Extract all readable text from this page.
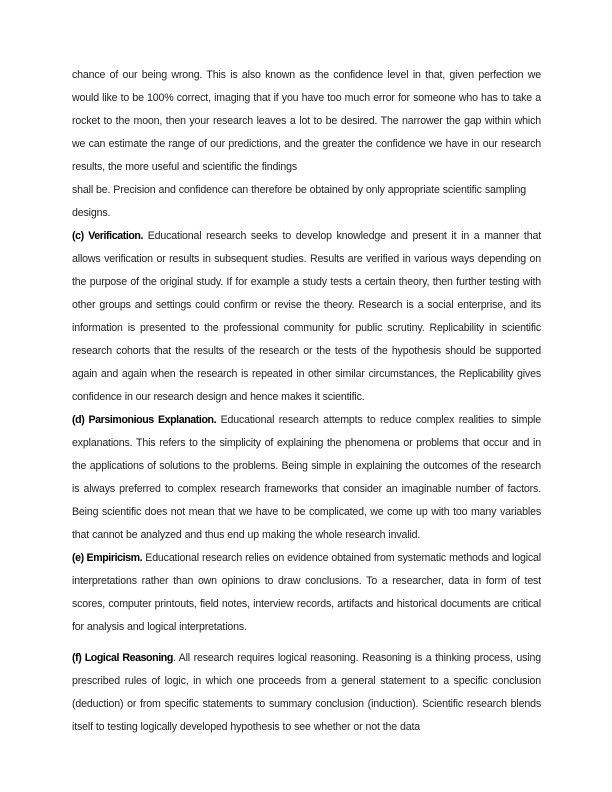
chance of our being wrong. This is also known as the confidence level in that, given perfection we would like to be 100% correct, imaging that if you have too much error for someone who has to take a rocket to the moon, then your research leaves a lot to be desired. The narrower the gap within which we can estimate the range of our predictions, and the greater the confidence we have in our research results, the more useful and scientific the findings

shall be. Precision and confidence can therefore be obtained by only appropriate scientific sampling designs.

(c) Verification. Educational research seeks to develop knowledge and present it in a manner that allows verification or results in subsequent studies. Results are verified in various ways depending on the purpose of the original study. If for example a study tests a certain theory, then further testing with other groups and settings could confirm or revise the theory. Research is a social enterprise, and its information is presented to the professional community for public scrutiny. Replicability in scientific research cohorts that the results of the research or the tests of the hypothesis should be supported again and again when the research is repeated in other similar circumstances, the Replicability gives confidence in our research design and hence makes it scientific.

(d) Parsimonious Explanation. Educational research attempts to reduce complex realities to simple explanations. This refers to the simplicity of explaining the phenomena or problems that occur and in the applications of solutions to the problems. Being simple in explaining the outcomes of the research is always preferred to complex research frameworks that consider an imaginable number of factors. Being scientific does not mean that we have to be complicated, we come up with too many variables that cannot be analyzed and thus end up making the whole research invalid.

(e) Empiricism. Educational research relies on evidence obtained from systematic methods and logical interpretations rather than own opinions to draw conclusions. To a researcher, data in form of test scores, computer printouts, field notes, interview records, artifacts and historical documents are critical for analysis and logical interpretations.

(f) Logical Reasoning. All research requires logical reasoning. Reasoning is a thinking process, using prescribed rules of logic, in which one proceeds from a general statement to a specific conclusion (deduction) or from specific statements to summary conclusion (induction). Scientific research blends itself to testing logically developed hypothesis to see whether or not the data
